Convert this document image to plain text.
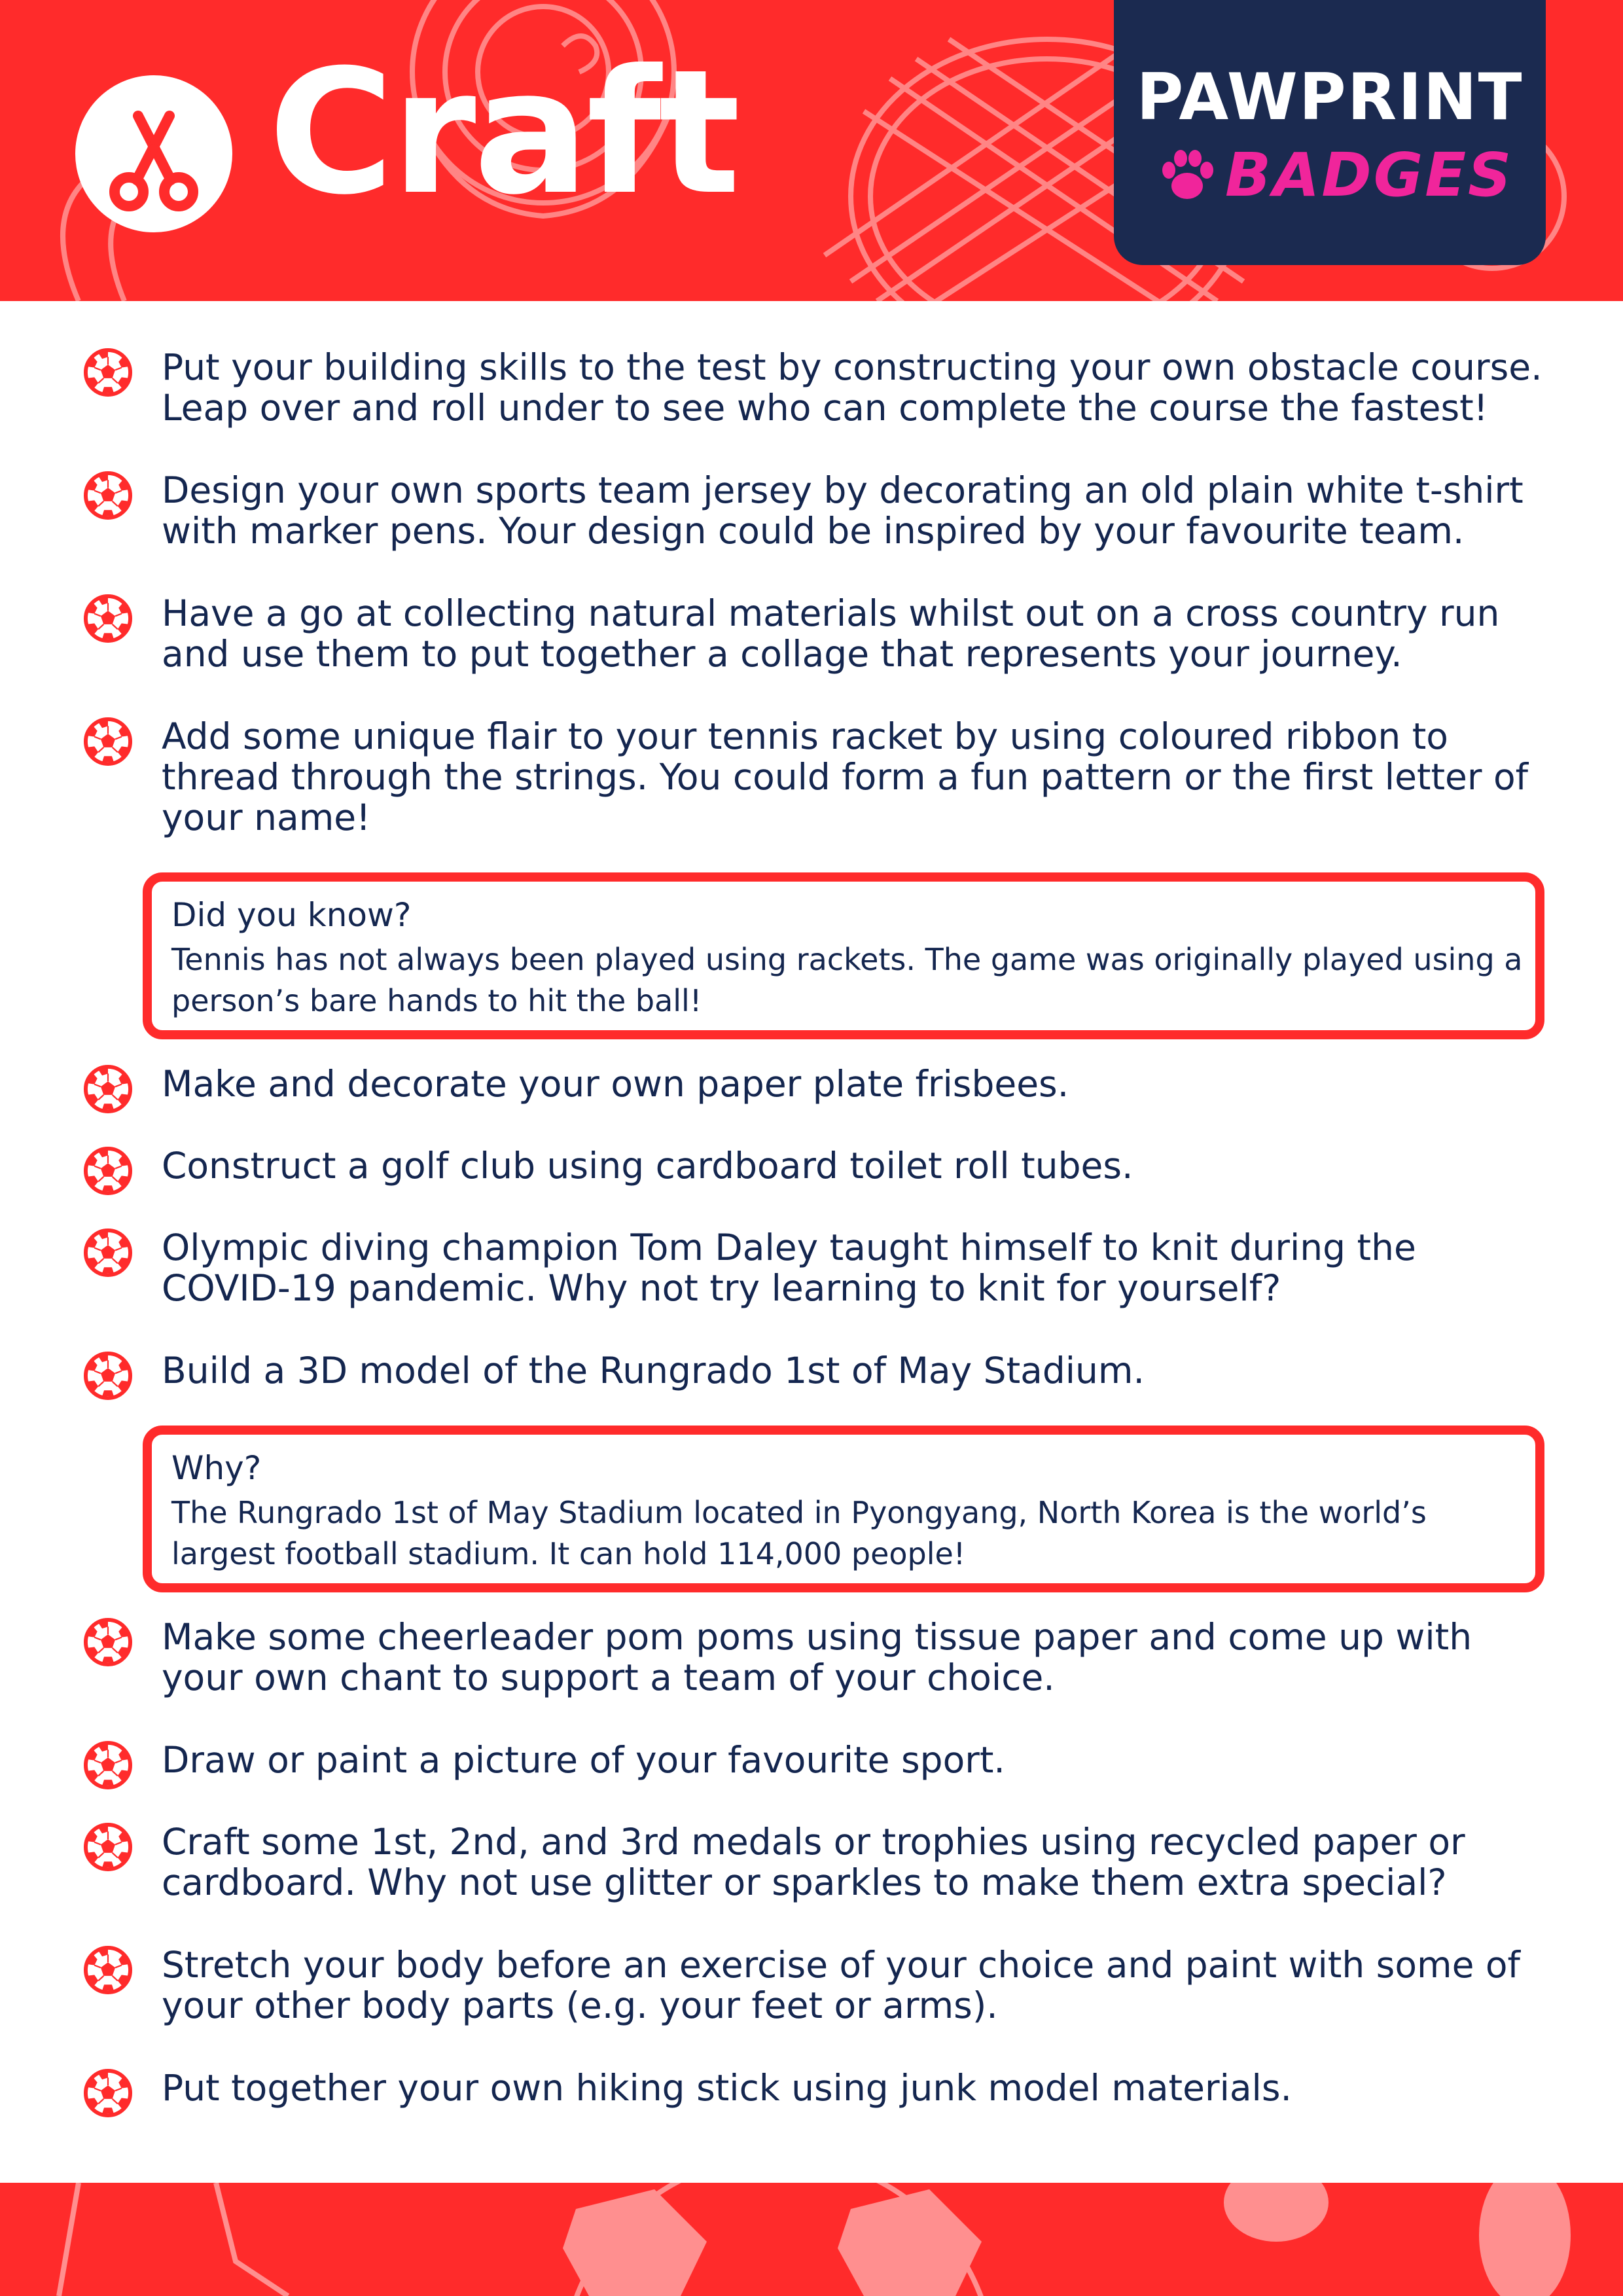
Craft	PAWPRINT
BADGES
Put your building skills to the test by constructing your own obstacle course. Leap over and roll under to see who can complete the course the fastest!
Design your own sports team jersey by decorating an old plain white t-shirt with marker pens. Your design could be inspired by your favourite team.
Have a go at collecting natural materials whilst out on a cross country run and use them to put together a collage that represents your journey.
Add some unique flair to your tennis racket by using coloured ribbon to thread through the strings. You could form a fun pattern or the first letter of your name!
Did you know?
Tennis has not always been played using rackets. The game was originally played using a person’s bare hands to hit the ball!
Make and decorate your own paper plate frisbees.
Construct a golf club using cardboard toilet roll tubes.
Olympic diving champion Tom Daley taught himself to knit during the COVID-19 pandemic. Why not try learning to knit for yourself?
Build a 3D model of the Rungrado 1st of May Stadium.
Why?
The Rungrado 1st of May Stadium located in Pyongyang, North Korea is the world’s largest football stadium. It can hold 114,000 people!
Make some cheerleader pom poms using tissue paper and come up with your own chant to support a team of your choice.
Draw or paint a picture of your favourite sport.
Craft some 1st, 2nd, and 3rd medals or trophies using recycled paper or cardboard. Why not use glitter or sparkles to make them extra special?
Stretch your body before an exercise of your choice and paint with some of your other body parts (e.g. your feet or arms).
Put together your own hiking stick using junk model materials.
